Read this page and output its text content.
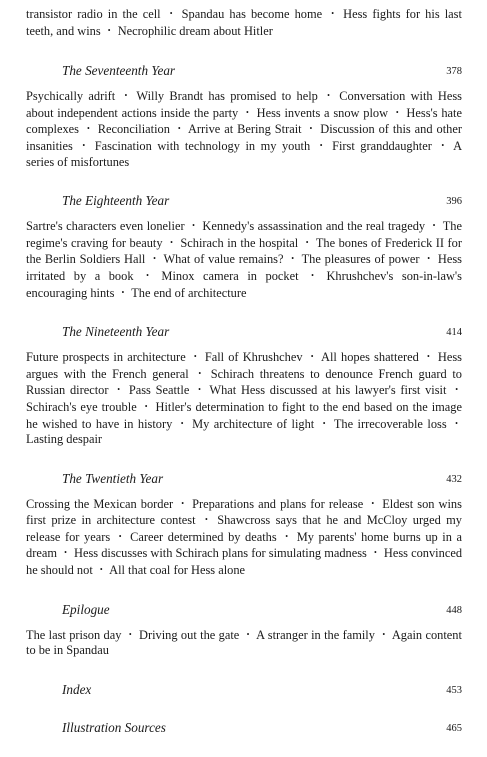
transistor radio in the cell • Spandau has become home • Hess fights for his last teeth, and wins • Necrophilic dream about Hitler

The Seventeenth Year	378

Psychically adrift • Willy Brandt has promised to help • Conversation with Hess about independent actions inside the party • Hess invents a snow plow • Hess's hate complexes • Reconciliation • Arrive at Bering Strait • Discussion of this and other insanities • Fascination with technology in my youth • First granddaughter • A series of misfortunes

The Eighteenth Year	396

Sartre's characters even lonelier • Kennedy's assassination and the real tragedy • The regime's craving for beauty • Schirach in the hospital • The bones of Frederick II for the Berlin Soldiers Hall • What of value remains? • The pleasures of power • Hess irritated by a book • Minox camera in pocket • Khrushchev's son-in-law's encouraging hints • The end of architecture

The Nineteenth Year	414

Future prospects in architecture • Fall of Khrushchev • All hopes shattered • Hess argues with the French general • Schirach threatens to denounce French guard to Russian director • Pass Seattle • What Hess discussed at his lawyer's first visit • Schirach's eye trouble • Hitler's determination to fight to the end based on the image he wished to have in history • My architecture of light • The irrecoverable loss • Lasting despair

The Twentieth Year	432

Crossing the Mexican border • Preparations and plans for release • Eldest son wins first prize in architecture contest • Shawcross says that he and McCloy urged my release for years • Career determined by deaths • My parents' home burns up in a dream • Hess discusses with Schirach plans for simulating madness • Hess convinced he should not • All that coal for Hess alone

Epilogue	448

The last prison day • Driving out the gate • A stranger in the family • Again content to be in Spandau

Index	453
Illustration Sources	465
